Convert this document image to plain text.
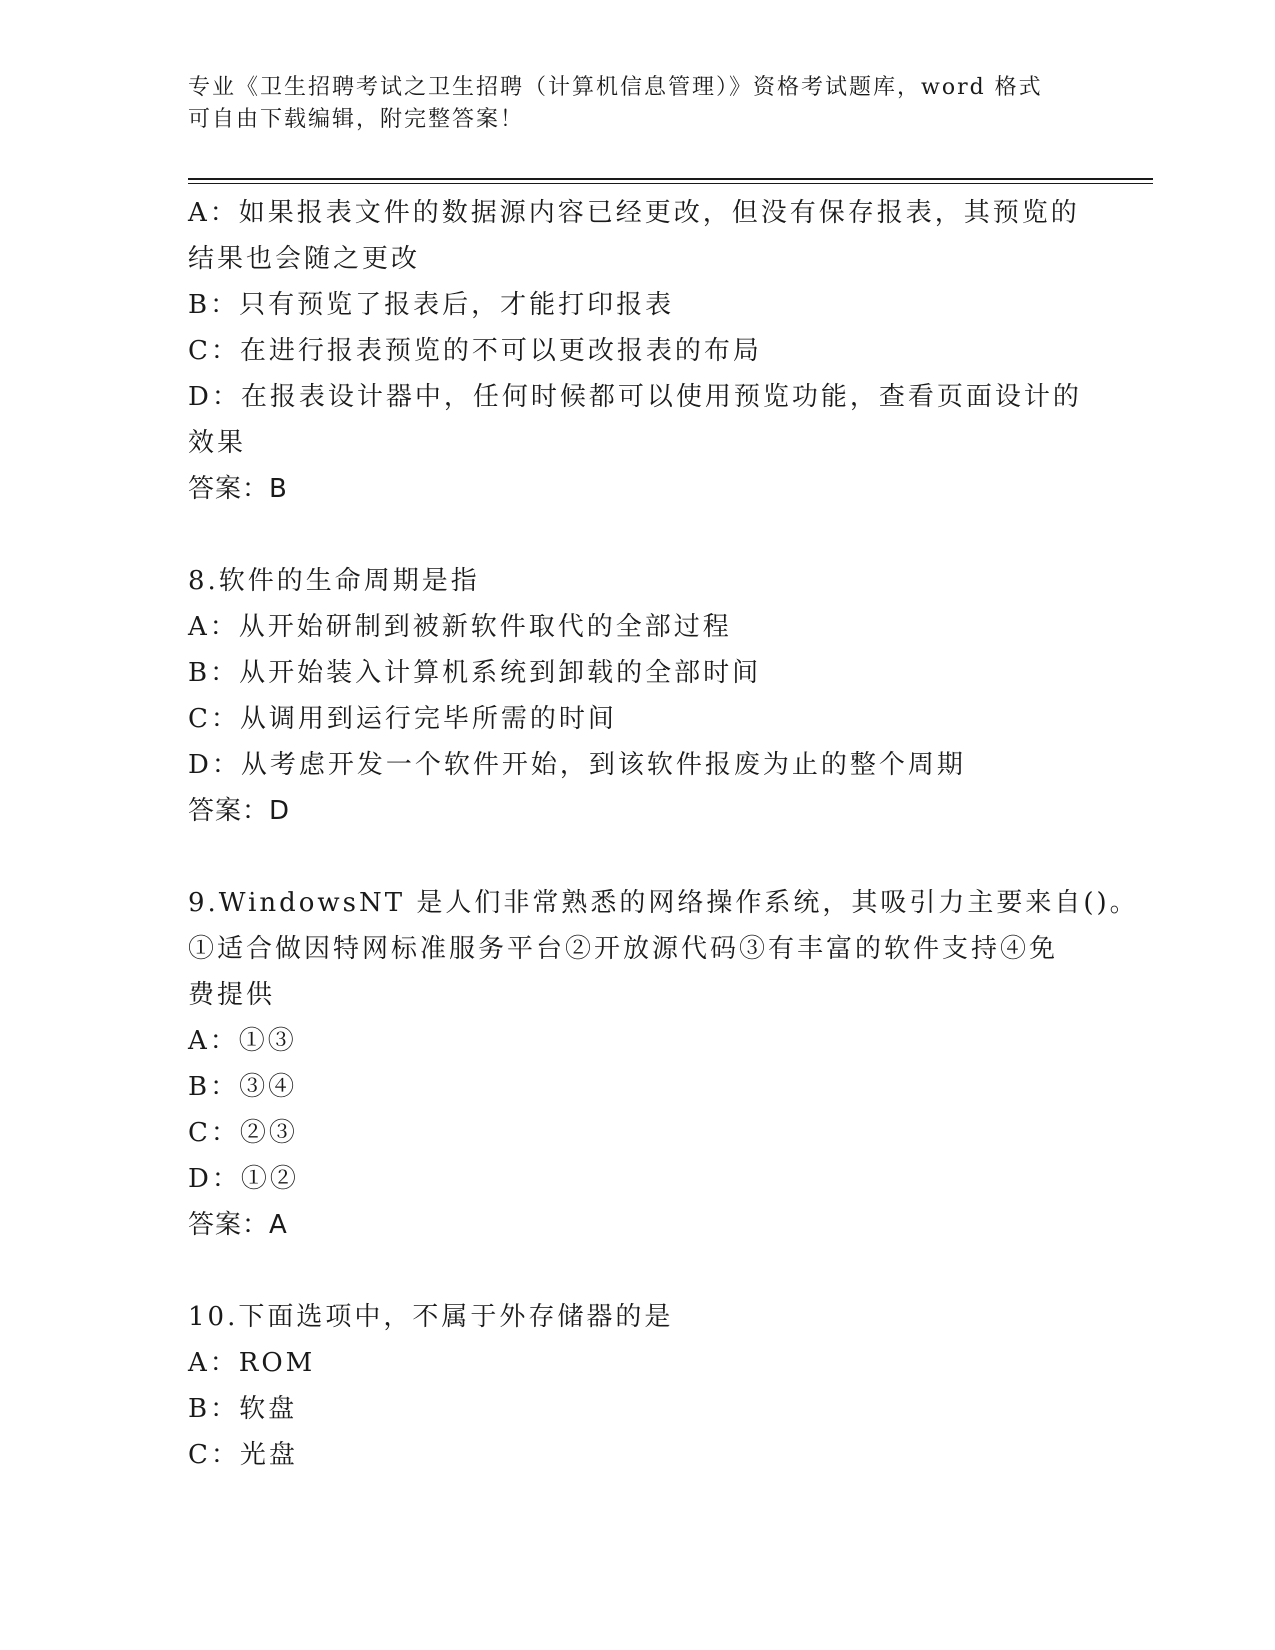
专业《卫生招聘考试之卫生招聘（计算机信息管理）》资格考试题库，word 格式
可自由下载编辑，附完整答案！
A：如果报表文件的数据源内容已经更改，但没有保存报表，其预览的
结果也会随之更改
B：只有预览了报表后，才能打印报表
C：在进行报表预览的不可以更改报表的布局
D：在报表设计器中，任何时候都可以使用预览功能，查看页面设计的
效果
答案：B
8.软件的生命周期是指
A：从开始研制到被新软件取代的全部过程
B：从开始装入计算机系统到卸载的全部时间
C：从调用到运行完毕所需的时间
D：从考虑开发一个软件开始，到该软件报废为止的整个周期
答案：D
9.WindowsNT 是人们非常熟悉的网络操作系统，其吸引力主要来自()。
①适合做因特网标准服务平台②开放源代码③有丰富的软件支持④免
费提供
A：①③
B：③④
C：②③
D：①②
答案：A
10.下面选项中，不属于外存储器的是
A：ROM
B：软盘
C：光盘
